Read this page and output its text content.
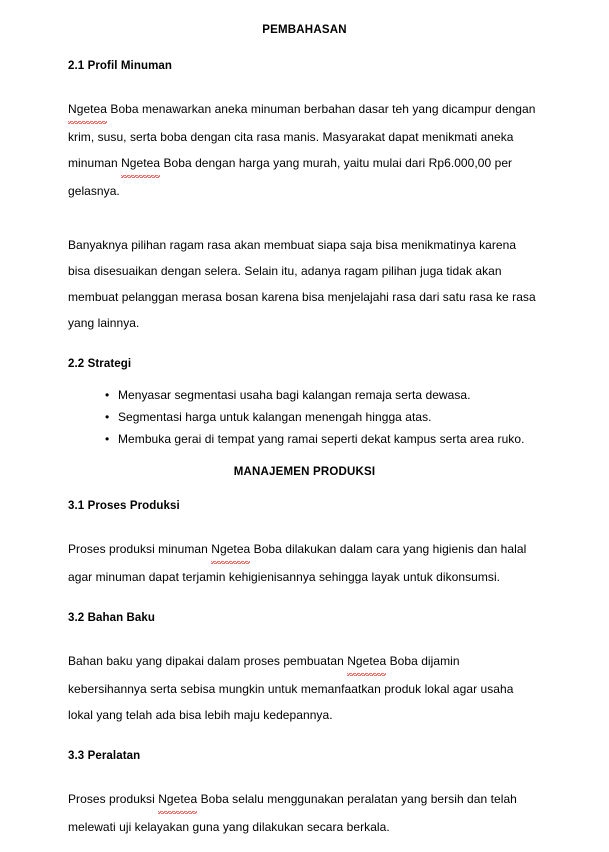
PEMBAHASAN
2.1 Profil Minuman

Ngetea Boba menawarkan aneka minuman berbahan dasar teh yang dicampur dengan krim, susu, serta boba dengan cita rasa manis. Masyarakat dapat menikmati aneka minuman Ngetea Boba dengan harga yang murah, yaitu mulai dari Rp6.000,00 per gelasnya.

Banyaknya pilihan ragam rasa akan membuat siapa saja bisa menikmatinya karena bisa disesuaikan dengan selera. Selain itu, adanya ragam pilihan juga tidak akan membuat pelanggan merasa bosan karena bisa menjelajahi rasa dari satu rasa ke rasa yang lainnya.

2.2 Strategi
• Menyasar segmentasi usaha bagi kalangan remaja serta dewasa.
• Segmentasi harga untuk kalangan menengah hingga atas.
• Membuka gerai di tempat yang ramai seperti dekat kampus serta area ruko.
MANAJEMEN PRODUKSI
3.1 Proses Produksi

Proses produksi minuman Ngetea Boba dilakukan dalam cara yang higienis dan halal agar minuman dapat terjamin kehigienisannya sehingga layak untuk dikonsumsi.

3.2 Bahan Baku

Bahan baku yang dipakai dalam proses pembuatan Ngetea Boba dijamin kebersihannya serta sebisa mungkin untuk memanfaatkan produk lokal agar usaha lokal yang telah ada bisa lebih maju kedepannya.

3.3 Peralatan

Proses produksi Ngetea Boba selalu menggunakan peralatan yang bersih dan telah melewati uji kelayakan guna yang dilakukan secara berkala.
